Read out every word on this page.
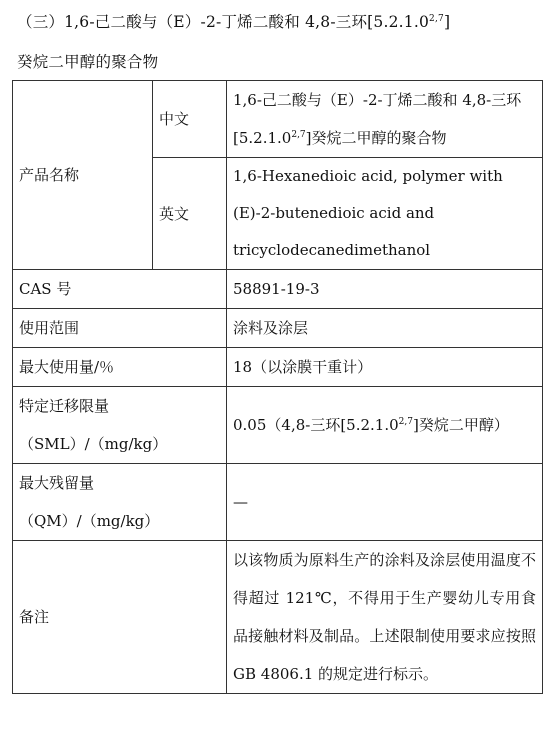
（三）1,6-己二酸与（E）-2-丁烯二酸和 4,8-三环[5.2.1.0$^{2,7}$]
癸烷二甲醇的聚合物
产品名称	中文	1,6-己二酸与（E）-2-丁烯二酸和 4,8-三环[5.2.1.0$^{2,7}$]癸烷二甲醇的聚合物
	英文	1,6-Hexanedioic acid, polymer with
(E)-2-butenedioic acid and
tricyclodecanedimethanol

CAS 号		58891-19-3
使用范围		涂料及涂层
最大使用量/％		18（以涂膜干重计）

特定迁移限量
（SML）/（mg/kg）		0.05（4,8-三环[5.2.1.0$^{2,7}$]癸烷二甲醇）

最大残留量
（QM）/（mg/kg）		—
备注		以该物质为原料生产的涂料及涂层使用温度不得超过 121℃，不得用于生产婴幼儿专用食品接触材料及制品。上述限制使用要求应按照 GB 4806.1 的规定进行标示。
